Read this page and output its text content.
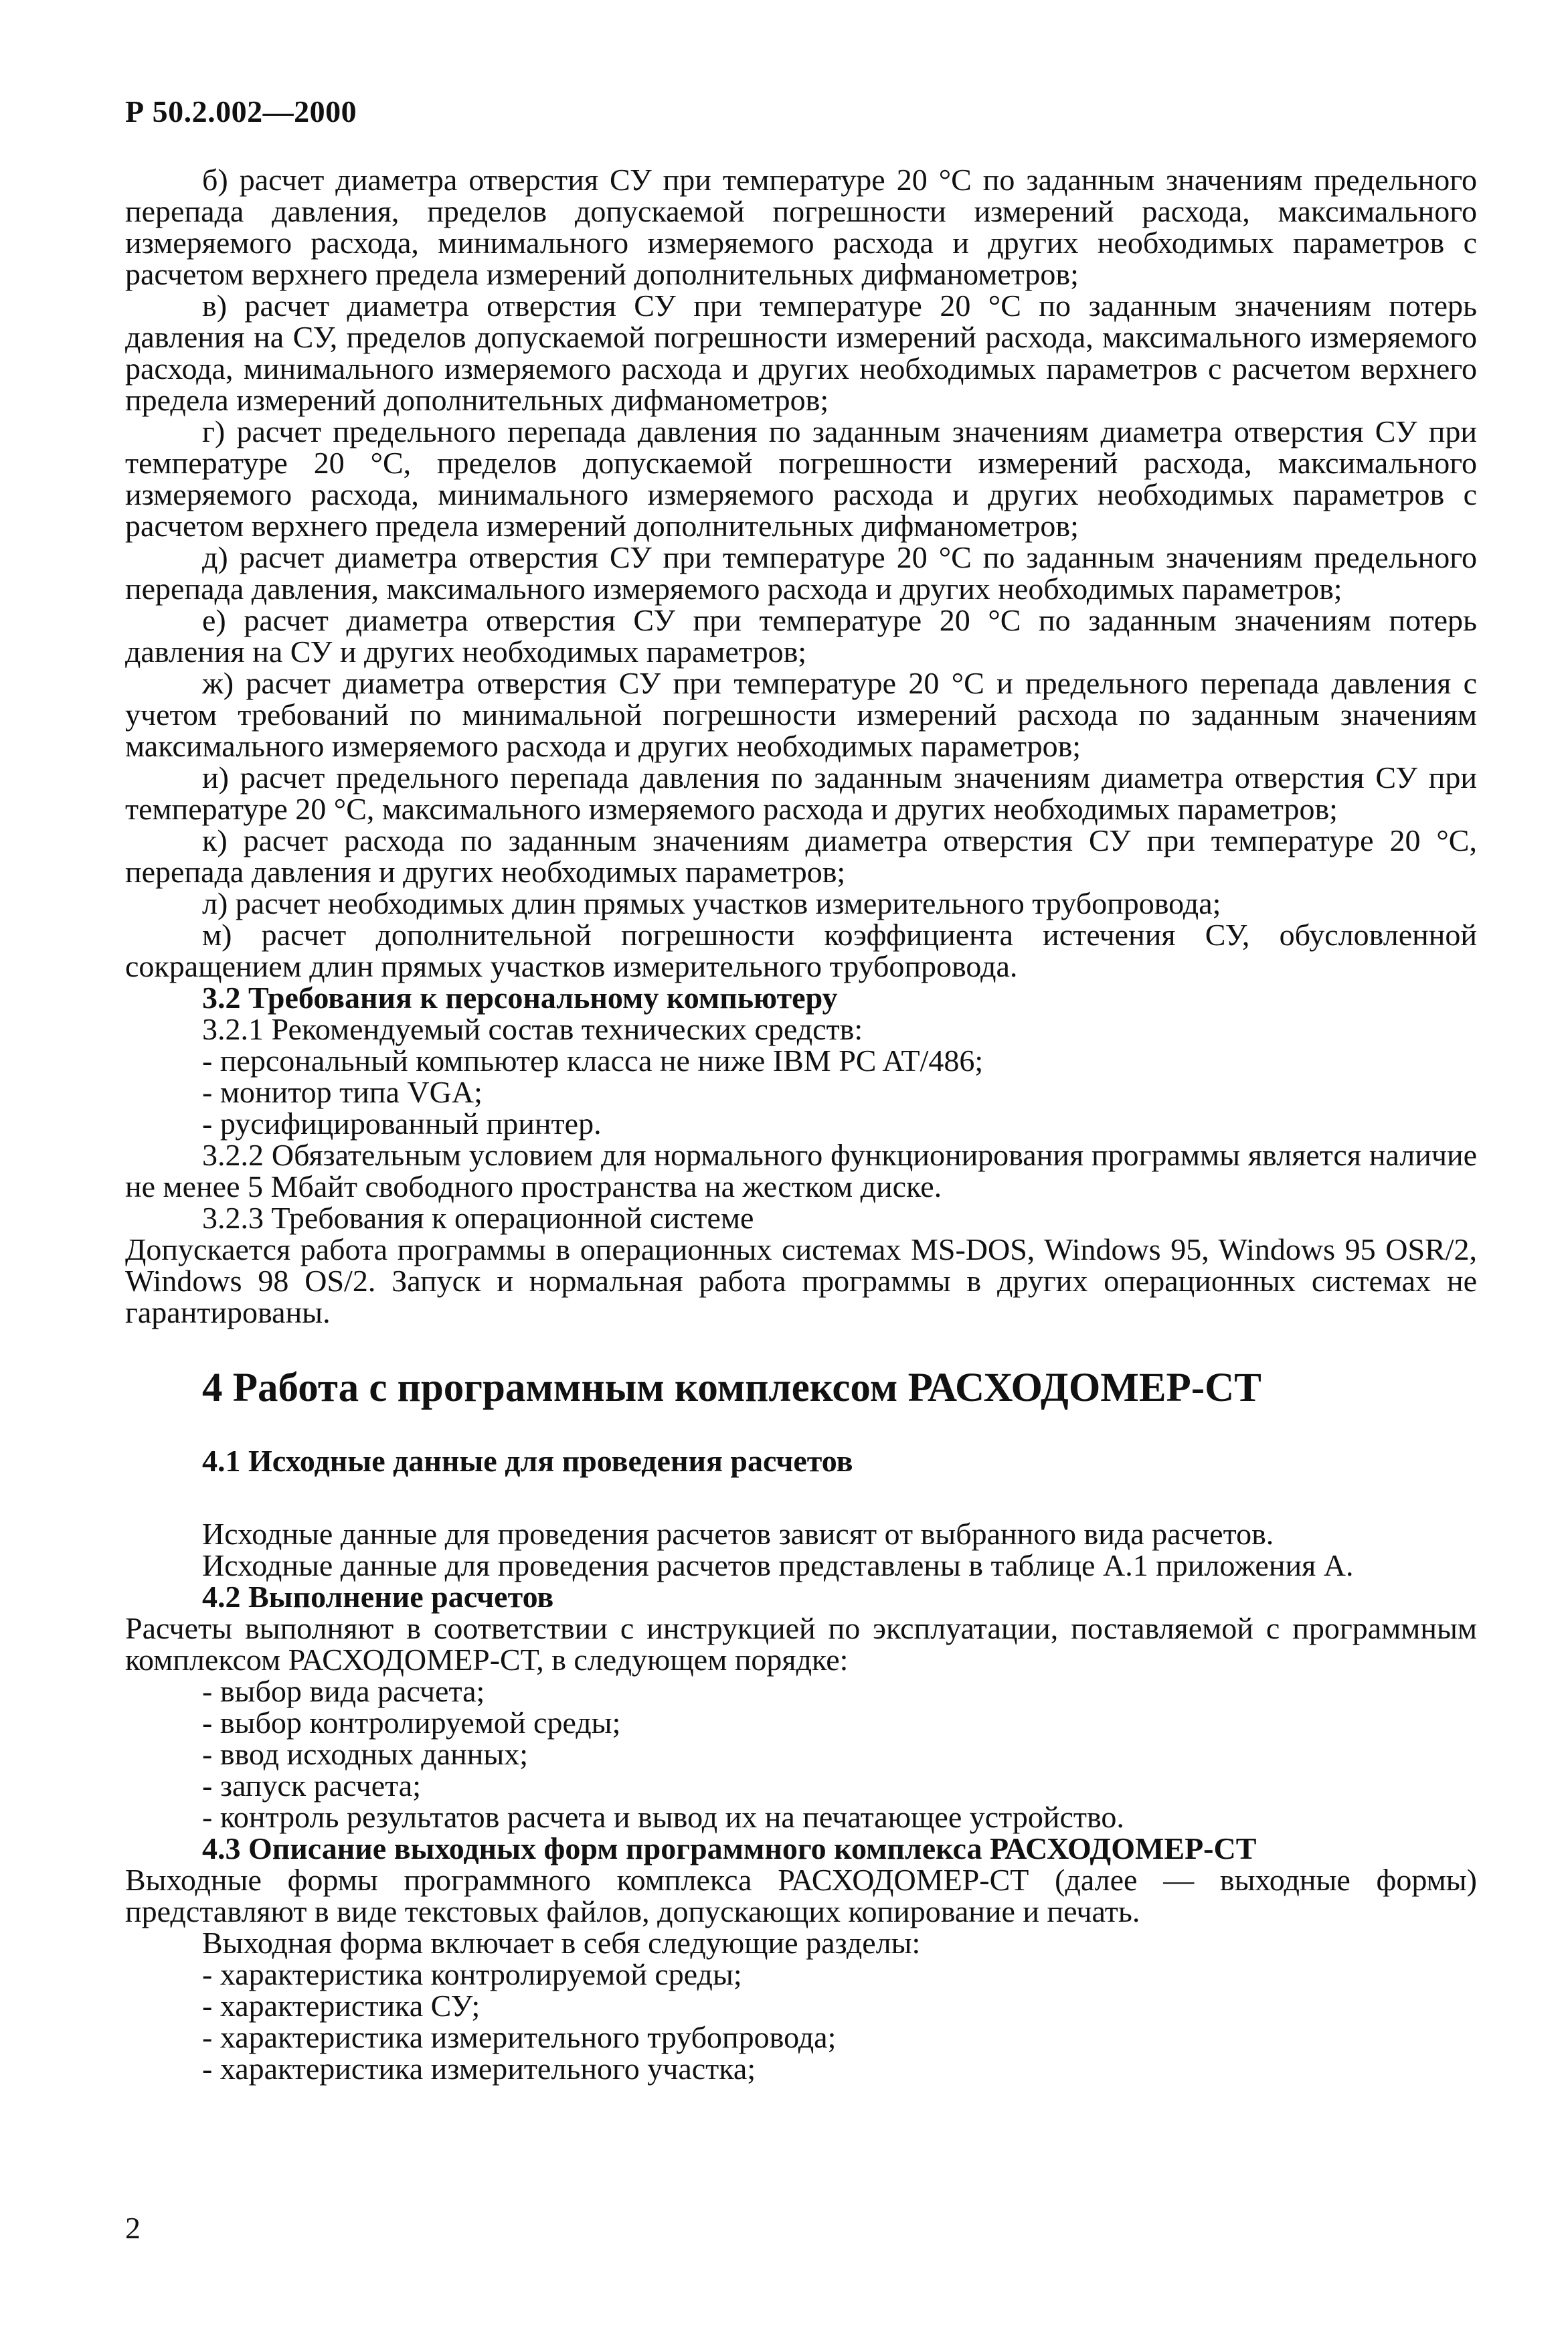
Р 50.2.002—2000

б) расчет диаметра отверстия СУ при температуре 20 °С по заданным значениям предельного перепада давления, пределов допускаемой погрешности измерений расхода, максимального измеряемого расхода, минимального измеряемого расхода и других необходимых параметров с расчетом верхнего предела измерений дополнительных дифманометров;

в) расчет диаметра отверстия СУ при температуре 20 °С по заданным значениям потерь давления на СУ, пределов допускаемой погрешности измерений расхода, максимального измеряемого расхода, минимального измеряемого расхода и других необходимых параметров с расчетом верхнего предела измерений дополнительных дифманометров;

г) расчет предельного перепада давления по заданным значениям диаметра отверстия СУ при температуре 20 °С, пределов допускаемой погрешности измерений расхода, максимального измеряемого расхода, минимального измеряемого расхода и других необходимых параметров с расчетом верхнего предела измерений дополнительных дифманометров;

д) расчет диаметра отверстия СУ при температуре 20 °С по заданным значениям предельного перепада давления, максимального измеряемого расхода и других необходимых параметров;

е) расчет диаметра отверстия СУ при температуре 20 °С по заданным значениям потерь давления на СУ и других необходимых параметров;

ж) расчет диаметра отверстия СУ при температуре 20 °С и предельного перепада давления с учетом требований по минимальной погрешности измерений расхода по заданным значениям максимального измеряемого расхода и других необходимых параметров;

и) расчет предельного перепада давления по заданным значениям диаметра отверстия СУ при температуре 20 °С, максимального измеряемого расхода и других необходимых параметров;

к) расчет расхода по заданным значениям диаметра отверстия СУ при температуре 20 °С, перепада давления и других необходимых параметров;

л) расчет необходимых длин прямых участков измерительного трубопровода;

м) расчет дополнительной погрешности коэффициента истечения СУ, обусловленной сокращением длин прямых участков измерительного трубопровода.

3.2 Требования к персональному компьютеру

3.2.1 Рекомендуемый состав технических средств:

- персональный компьютер класса не ниже IBM PC AT/486;

- монитор типа VGA;

- русифицированный принтер.

3.2.2 Обязательным условием для нормального функционирования программы является наличие не менее 5 Мбайт свободного пространства на жестком диске.

3.2.3 Требования к операционной системе

Допускается работа программы в операционных системах MS-DOS, Windows 95, Windows 95 OSR/2, Windows 98 OS/2. Запуск и нормальная работа программы в других операционных системах не гарантированы.

4 Работа с программным комплексом РАСХОДОМЕР-СТ

4.1 Исходные данные для проведения расчетов

Исходные данные для проведения расчетов зависят от выбранного вида расчетов.

Исходные данные для проведения расчетов представлены в таблице А.1 приложения А.

4.2 Выполнение расчетов

Расчеты выполняют в соответствии с инструкцией по эксплуатации, поставляемой с программным комплексом РАСХОДОМЕР-СТ, в следующем порядке:

- выбор вида расчета;

- выбор контролируемой среды;

- ввод исходных данных;

- запуск расчета;

- контроль результатов расчета и вывод их на печатающее устройство.

4.3 Описание выходных форм программного комплекса РАСХОДОМЕР-СТ

Выходные формы программного комплекса РАСХОДОМЕР-СТ (далее — выходные формы) представляют в виде текстовых файлов, допускающих копирование и печать.

Выходная форма включает в себя следующие разделы:

- характеристика контролируемой среды;

- характеристика СУ;

- характеристика измерительного трубопровода;

- характеристика измерительного участка;

2
